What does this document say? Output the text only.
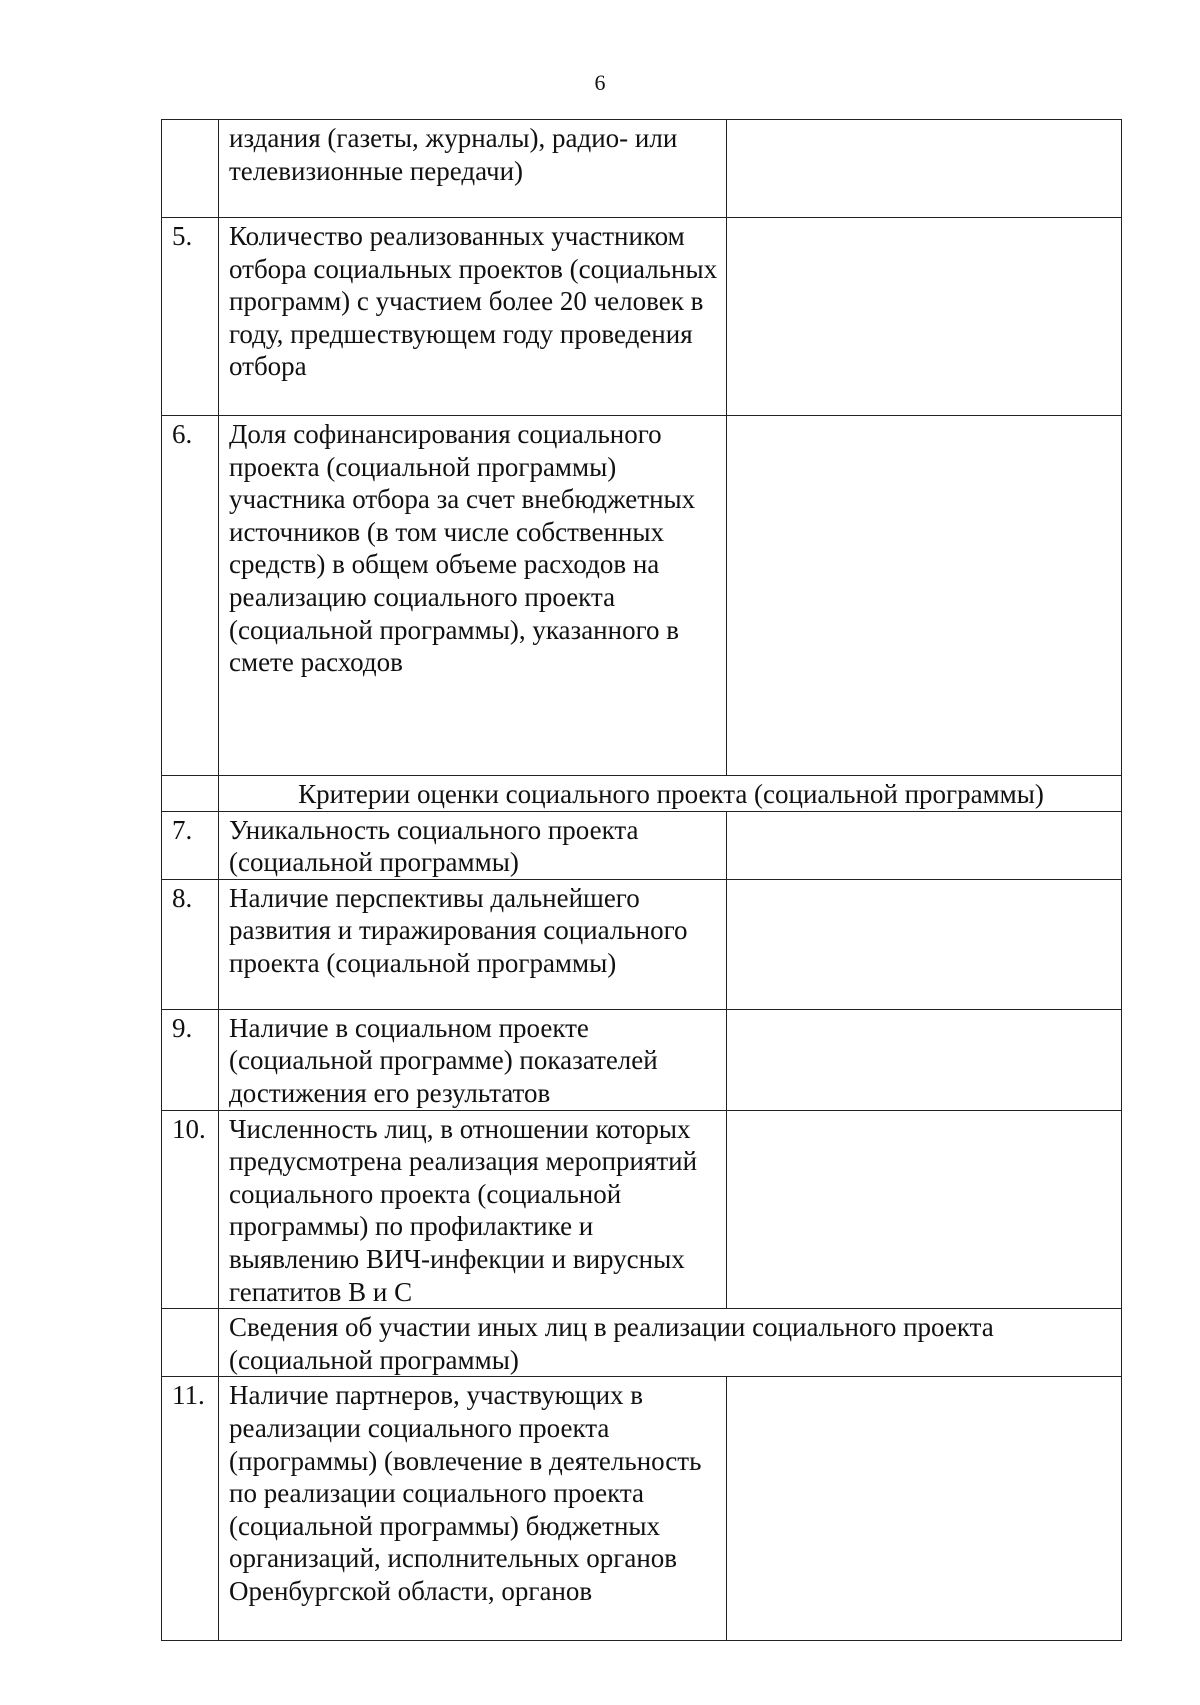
6
	издания (газеты, журналы), радио- или телевизионные передачи)	
5.	Количество реализованных участником отбора социальных проектов (социальных программ) с участием более 20 человек в году, предшествующем году проведения отбора	
6.	Доля софинансирования социального проекта (социальной программы) участника отбора за счет внебюджетных источников (в том числе собственных средств) в общем объеме расходов на реализацию социального проекта (социальной программы), указанного в смете расходов	
	Критерии оценки социального проекта (социальной программы)	
7.	Уникальность социального проекта (социальной программы)	
8.	Наличие перспективы дальнейшего развития и тиражирования социального проекта (социальной программы)	
9.	Наличие в социальном проекте (социальной программе) показателей достижения его результатов	
10.	Численность лиц, в отношении которых предусмотрена реализация мероприятий социального проекта (социальной программы) по профилактике и выявлению ВИЧ-инфекции и вирусных гепатитов В и С	
	Сведения об участии иных лиц в реализации социального проекта (социальной программы)	
11.	Наличие партнеров, участвующих в реализации социального проекта (программы) (вовлечение в деятельность по реализации социального проекта (социальной программы) бюджетных организаций, исполнительных органов Оренбургской области, органов	
